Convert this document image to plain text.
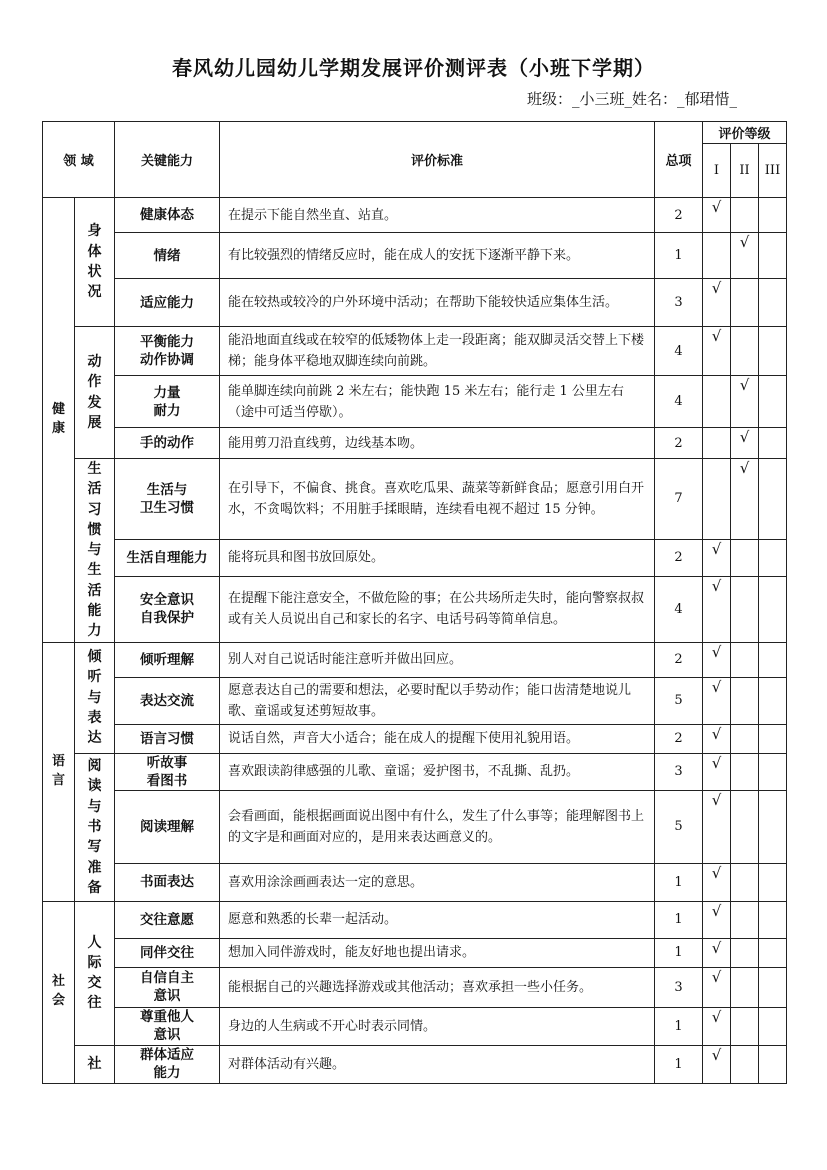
春风幼儿园幼儿学期发展评价测评表（小班下学期）
班级：_小三班_姓名：_郁珺惜_
领 域		关键能力	评价标准	总项	评价等级		
					I	II	III
健康	身体状况	健康体态	在提示下能自然坐直、站直。	2	√		

		情绪	有比较强烈的情绪反应时，能在成人的安抚下逐渐平静下来。	1		√	

		适应能力	能在较热或较冷的户外环境中活动；在帮助下能较快适应集体生活。	3	√		
	动作发展	平衡能力
动作协调	能沿地面直线或在较窄的低矮物体上走一段距离；能双脚灵活交替上下楼梯；能身体平稳地双脚连续向前跳。	4	√		

		力量
耐力	能单脚连续向前跳 2 米左右；能快跑 15 米左右；能行走 1 公里左右（途中可适当停歇）。	4		√	

		手的动作	能用剪刀沿直线剪，边线基本吻。	2		√	
	生活习惯与生活能力	生活与
卫生习惯	在引导下，不偏食、挑食。喜欢吃瓜果、蔬菜等新鲜食品；愿意引用白开水，不贪喝饮料；不用脏手揉眼睛，连续看电视不超过 15 分钟。	7		√	

		生活自理能力	能将玩具和图书放回原处。	2	√		

		安全意识
自我保护	在提醒下能注意安全，不做危险的事；在公共场所走失时，能向警察叔叔或有关人员说出自己和家长的名字、电话号码等简单信息。	4	√		
语言	倾听与表达	倾听理解	别人对自己说话时能注意听并做出回应。	2	√		

		表达交流	愿意表达自己的需要和想法，必要时配以手势动作；能口齿清楚地说儿歌、童谣或复述剪短故事。	5	√		

		语言习惯	说话自然，声音大小适合；能在成人的提醒下使用礼貌用语。	2	√		
	阅读与书写准备	听故事
看图书	喜欢跟读韵律感强的儿歌、童谣；爱护图书，不乱撕、乱扔。	3	√		

		阅读理解	会看画面，能根据画面说出图中有什么，发生了什么事等；能理解图书上的文字是和画面对应的，是用来表达画意义的。	5	√		

		书面表达	喜欢用涂涂画画表达一定的意思。	1	√		
社会	人际交往	交往意愿	愿意和熟悉的长辈一起活动。	1	√		

		同伴交往	想加入同伴游戏时，能友好地也提出请求。	1	√		

		自信自主
意识	能根据自己的兴趣选择游戏或其他活动；喜欢承担一些小任务。	3	√		

		尊重他人
意识	身边的人生病或不开心时表示同情。	1	√		
	社	群体适应
能力	对群体活动有兴趣。	1	√		
